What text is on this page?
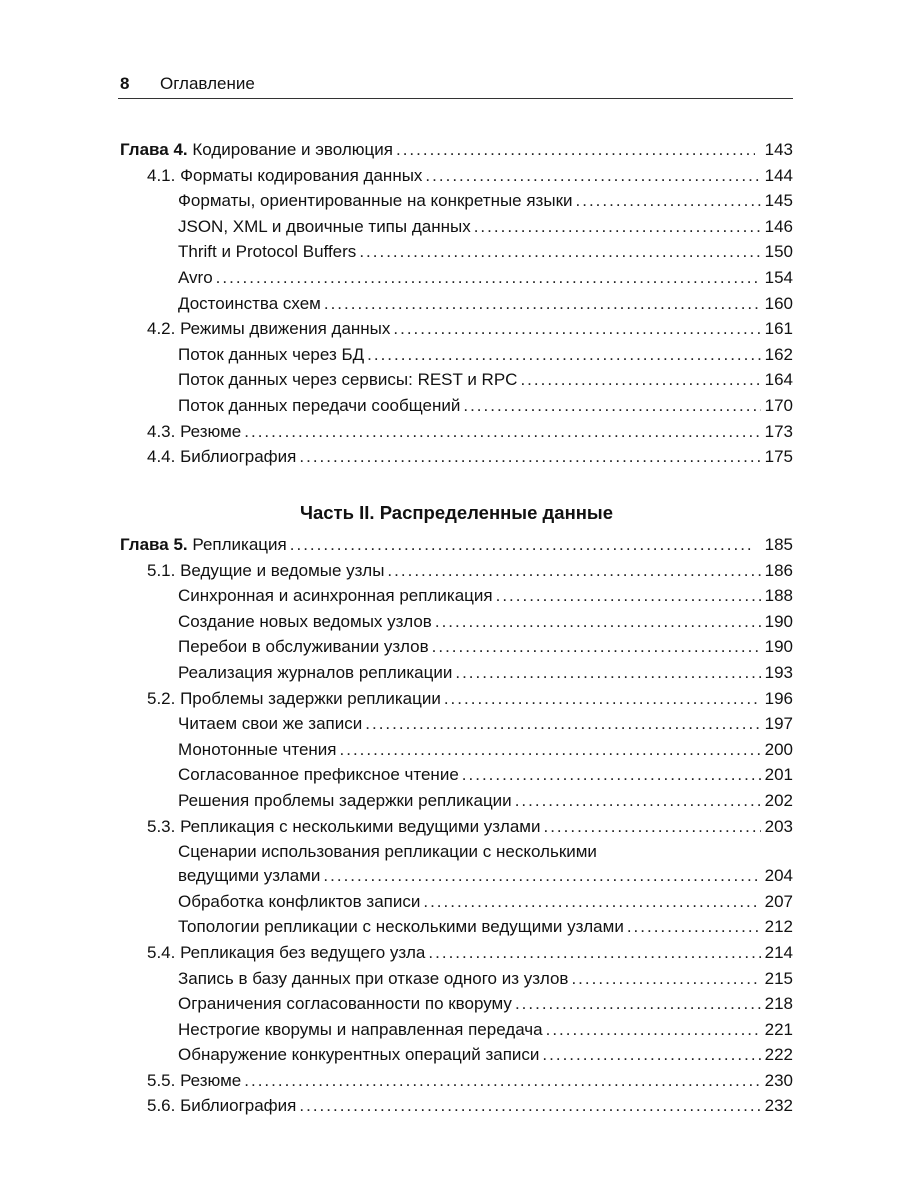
8	Оглавление
Глава 4. Кодирование и эволюция .....	143
4.1. Форматы кодирования данных .....	144
Форматы, ориентированные на конкретные языки .....	145
JSON, XML и двоичные типы данных .....	146
Thrift и Protocol Buffers .....	150
Avro .....	154
Достоинства схем .....	160
4.2. Режимы движения данных .....	161
Поток данных через БД .....	162
Поток данных через сервисы: REST и RPC .....	164
Поток данных передачи сообщений .....	170
4.3. Резюме .....	173
4.4. Библиография .....	175
Часть II. Распределенные данные
Глава 5. Репликация .....	185
5.1. Ведущие и ведомые узлы .....	186
Синхронная и асинхронная репликация .....	188
Создание новых ведомых узлов .....	190
Перебои в обслуживании узлов .....	190
Реализация журналов репликации .....	193
5.2. Проблемы задержки репликации .....	196
Читаем свои же записи .....	197
Монотонные чтения .....	200
Согласованное префиксное чтение .....	201
Решения проблемы задержки репликации .....	202
5.3. Репликация с несколькими ведущими узлами .....	203
Сценарии использования репликации с несколькими
ведущими узлами .....	204
Обработка конфликтов записи .....	207
Топологии репликации с несколькими ведущими узлами .....	212
5.4. Репликация без ведущего узла .....	214
Запись в базу данных при отказе одного из узлов .....	215
Ограничения согласованности по кворуму .....	218
Нестрогие кворумы и направленная передача .....	221
Обнаружение конкурентных операций записи .....	222
5.5. Резюме .....	230
5.6. Библиография .....	232
